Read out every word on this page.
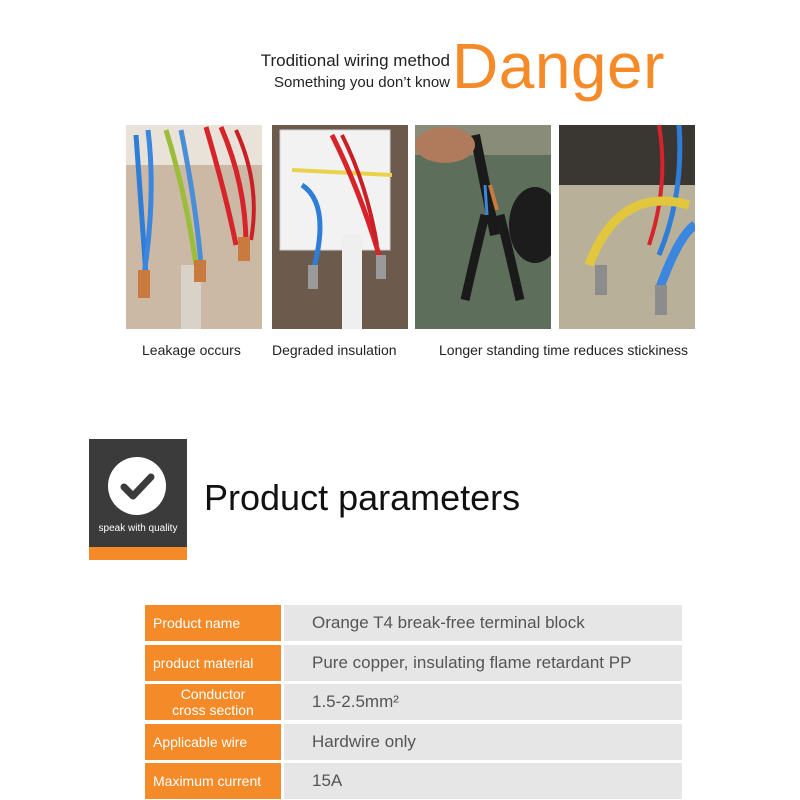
Troditional wiring method
Something you don’t know Danger
Leakage occurs Degraded insulation	Longer standing time reduces stickiness
speak with quality
Product parameters
Product name	Orange T4 break-free terminal block
product material	Pure copper, insulating flame retardant PP
Conductor
cross section	1.5-2.5mm²
Applicable wire	Hardwire only
Maximum current	15A
